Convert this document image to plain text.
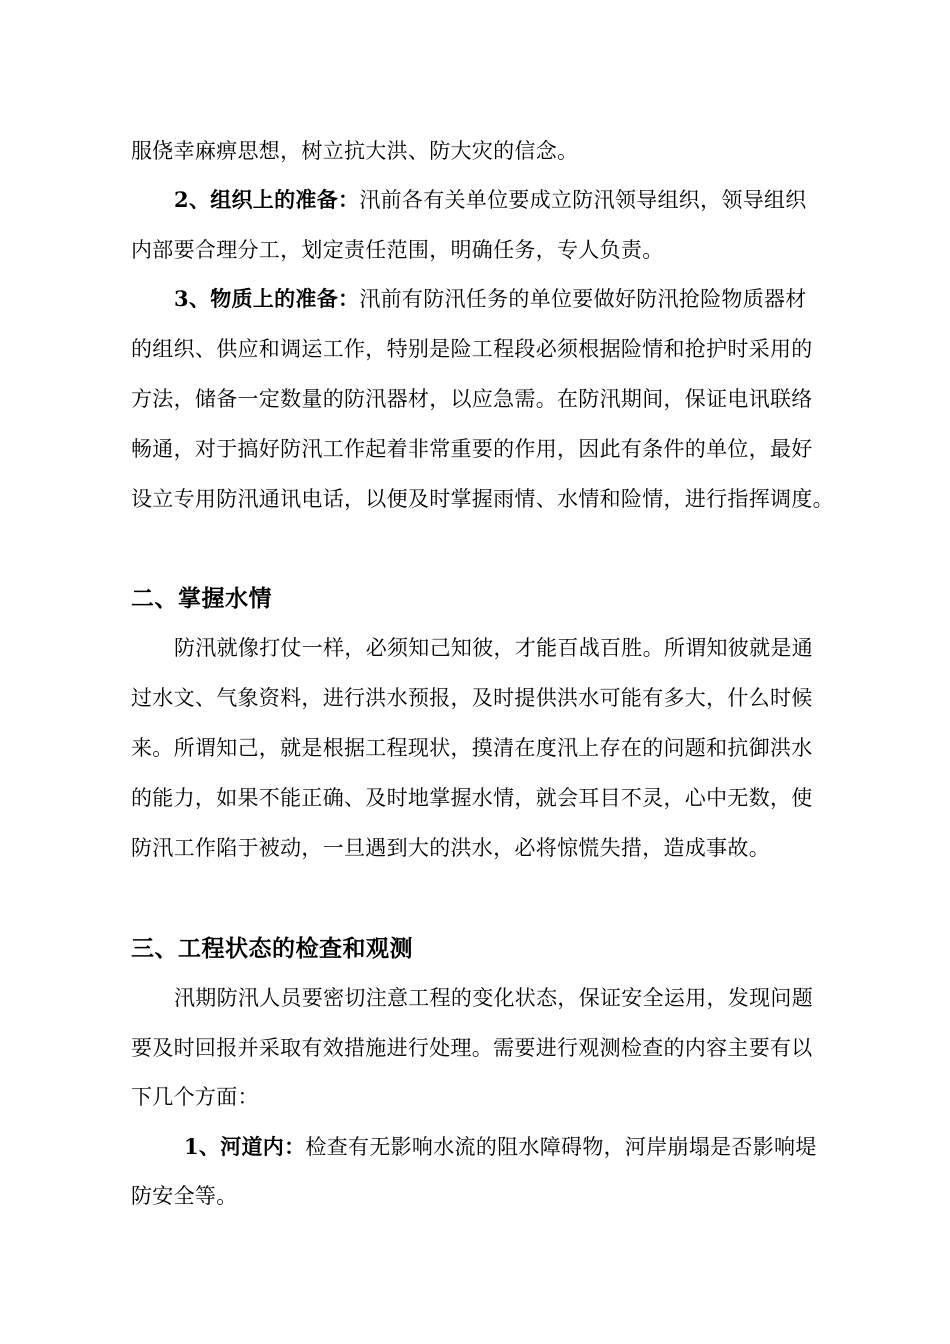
服侥幸麻痹思想，树立抗大洪、防大灾的信念。
2、组织上的准备：汛前各有关单位要成立防汛领导组织，领导组织
内部要合理分工，划定责任范围，明确任务，专人负责。
3、物质上的准备：汛前有防汛任务的单位要做好防汛抢险物质器材
的组织、供应和调运工作，特别是险工程段必须根据险情和抢护时采用的
方法，储备一定数量的防汛器材，以应急需。在防汛期间，保证电讯联络
畅通，对于搞好防汛工作起着非常重要的作用，因此有条件的单位，最好
设立专用防汛通讯电话，以便及时掌握雨情、水情和险情，进行指挥调度。
二、掌握水情
防汛就像打仗一样，必须知己知彼，才能百战百胜。所谓知彼就是通
过水文、气象资料，进行洪水预报，及时提供洪水可能有多大，什么时候
来。所谓知己，就是根据工程现状，摸清在度汛上存在的问题和抗御洪水
的能力，如果不能正确、及时地掌握水情，就会耳目不灵，心中无数，使
防汛工作陷于被动，一旦遇到大的洪水，必将惊慌失措，造成事故。
三、工程状态的检查和观测
汛期防汛人员要密切注意工程的变化状态，保证安全运用，发现问题
要及时回报并采取有效措施进行处理。需要进行观测检查的内容主要有以
下几个方面：
1、河道内：检查有无影响水流的阻水障碍物，河岸崩塌是否影响堤
防安全等。
